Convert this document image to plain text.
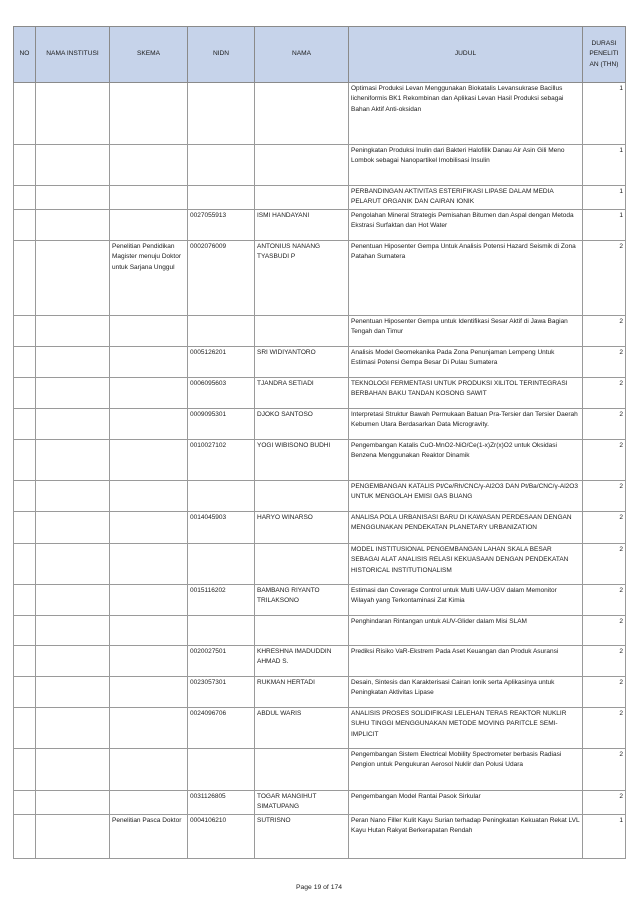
NO	NAMA INSTITUSI	SKEMA	NIDN	NAMA	JUDUL	DURASI PENELITI AN (THN)
					Optimasi Produksi Levan Menggunakan Biokatalis Levansukrase Bacillus licheniformis BK1 Rekombinan dan Aplikasi Levan Hasil Produksi sebagai Bahan Aktif Anti-oksidan	1
					Peningkatan Produksi Inulin dari Bakteri Halofilik Danau Air Asin Gili Meno Lombok sebagai Nanopartikel Imobilisasi Insulin	1
					PERBANDINGAN AKTIVITAS ESTERIFIKASI LIPASE DALAM MEDIA PELARUT ORGANIK DAN CAIRAN IONIK	1
			0027055913	ISMI HANDAYANI	Pengolahan Mineral Strategis Pemisahan Bitumen dan Aspal dengan Metoda Ekstrasi Surfaktan dan Hot Water	1
		Penelitian Pendidikan Magister menuju Doktor untuk Sarjana Unggul	0002076009	ANTONIUS NANANG TYASBUDI P	Penentuan Hiposenter Gempa Untuk Analisis Potensi Hazard Seismik di Zona Patahan Sumatera	2
					Penentuan Hiposenter Gempa untuk Identifikasi Sesar Aktif di Jawa Bagian Tengah dan Timur	2
			0005126201	SRI WIDIYANTORO	Analisis Model Geomekanika Pada Zona Penunjaman Lempeng Untuk Estimasi Potensi Gempa Besar Di Pulau Sumatera	2
			0006095603	TJANDRA SETIADI	TEKNOLOGI FERMENTASI UNTUK PRODUKSI XILITOL TERINTEGRASI BERBAHAN BAKU TANDAN KOSONG SAWIT	2
			0009095301	DJOKO SANTOSO	Interpretasi Struktur Bawah Permukaan Batuan Pra-Tersier dan Tersier Daerah Kebumen Utara Berdasarkan Data Microgravity.	2
			0010027102	YOGI WIBISONO BUDHI	Pengembangan Katalis CuO-MnO2-NiO/Ce(1-x)Zr(x)O2 untuk Oksidasi Benzena Menggunakan Reaktor Dinamik	2
					PENGEMBANGAN KATALIS Pt/Ce/Rh/CNC/γ-Al2O3 DAN Pt/Ba/CNC/γ-Al2O3 UNTUK MENGOLAH EMISI GAS BUANG	2
			0014045903	HARYO WINARSO	ANALISA POLA URBANISASI BARU DI KAWASAN PERDESAAN DENGAN MENGGUNAKAN PENDEKATAN PLANETARY URBANIZATION	2
					MODEL INSTITUSIONAL PENGEMBANGAN LAHAN SKALA BESAR SEBAGAI ALAT ANALISIS RELASI KEKUASAAN DENGAN PENDEKATAN HISTORICAL INSTITUTIONALISM	2
			0015116202	BAMBANG RIYANTO TRILAKSONO	Estimasi dan Coverage Control untuk Multi UAV-UGV dalam Memonitor Wilayah yang Terkontaminasi Zat Kimia	2
					Penghindaran Rintangan untuk AUV-Glider dalam Misi SLAM	2
			0020027501	KHRESHNA IMADUDDIN AHMAD S.	Prediksi Risiko VaR-Ekstrem Pada Aset Keuangan dan Produk Asuransi	2
			0023057301	RUKMAN HERTADI	Desain, Sintesis dan Karakterisasi Cairan Ionik serta Aplikasinya untuk Peningkatan Aktivitas Lipase	2
			0024096706	ABDUL WARIS	ANALISIS PROSES SOLIDIFIKASI LELEHAN TERAS REAKTOR NUKLIR SUHU TINGGI MENGGUNAKAN METODE MOVING PARITCLE SEMI-IMPLICIT	2
					Pengembangan Sistem Electrical Mobility Spectrometer berbasis Radiasi Pengion untuk Pengukuran Aerosol Nuklir dan Polusi Udara	2
			0031126805	TOGAR MANGIHUT SIMATUPANG	Pengembangan Model Rantai Pasok Sirkular	2
		Penelitian Pasca Doktor	0004106210	SUTRISNO	Peran Nano Filler Kulit Kayu Surian terhadap Peningkatan Kekuatan Rekat LVL Kayu Hutan Rakyat Berkerapatan Rendah	1
Page 19 of 174
